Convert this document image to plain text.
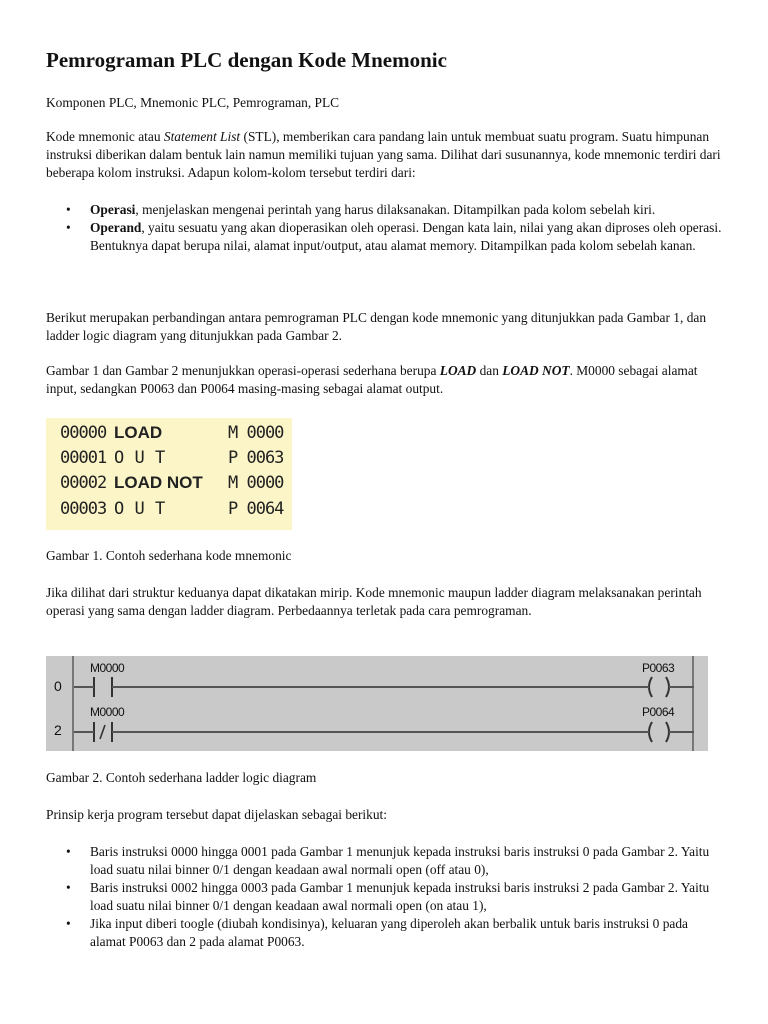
Pemrograman PLC dengan Kode Mnemonic

Komponen PLC, Mnemonic PLC, Pemrograman, PLC

Kode mnemonic atau Statement List (STL), memberikan cara pandang lain untuk membuat suatu program. Suatu himpunan instruksi diberikan dalam bentuk lain namun memiliki tujuan yang sama. Dilihat dari susunannya, kode mnemonic terdiri dari beberapa kolom instruksi. Adapun kolom-kolom tersebut terdiri dari:

• Operasi, menjelaskan mengenai perintah yang harus dilaksanakan. Ditampilkan pada kolom sebelah kiri.
• Operand, yaitu sesuatu yang akan dioperasikan oleh operasi. Dengan kata lain, nilai yang akan diproses oleh operasi. Bentuknya dapat berupa nilai, alamat input/output, atau alamat memory. Ditampilkan pada kolom sebelah kanan.

Berikut merupakan perbandingan antara pemrograman PLC dengan kode mnemonic yang ditunjukkan pada Gambar 1, dan ladder logic diagram yang ditunjukkan pada Gambar 2.

Gambar 1 dan Gambar 2 menunjukkan operasi-operasi sederhana berupa LOAD dan LOAD NOT. M0000 sebagai alamat input, sedangkan P0063 dan P0064 masing-masing sebagai alamat output.

00000 LOAD	M 0000
00001 O U T	P 0063
00002 LOAD NOT M 0000
00003 O U T	P 0064

Gambar 1. Contoh sederhana kode mnemonic

Jika dilihat dari struktur keduanya dapat dikatakan mirip. Kode mnemonic maupun ladder diagram melaksanakan perintah operasi yang sama dengan ladder diagram. Perbedaannya terletak pada cara pemrograman.

0
M0000	P0063
2
M0000	P0064

Gambar 2. Contoh sederhana ladder logic diagram

Prinsip kerja program tersebut dapat dijelaskan sebagai berikut:

• Baris instruksi 0000 hingga 0001 pada Gambar 1 menunjuk kepada instruksi baris instruksi 0 pada Gambar 2. Yaitu load suatu nilai binner 0/1 dengan keadaan awal normali open (off atau 0),
• Baris instruksi 0002 hingga 0003 pada Gambar 1 menunjuk kepada instruksi baris instruksi 2 pada Gambar 2. Yaitu load suatu nilai binner 0/1 dengan keadaan awal normali open (on atau 1),
• Jika input diberi toogle (diubah kondisinya), keluaran yang diperoleh akan berbalik untuk baris instruksi 0 pada alamat P0063 dan 2 pada alamat P0063.
